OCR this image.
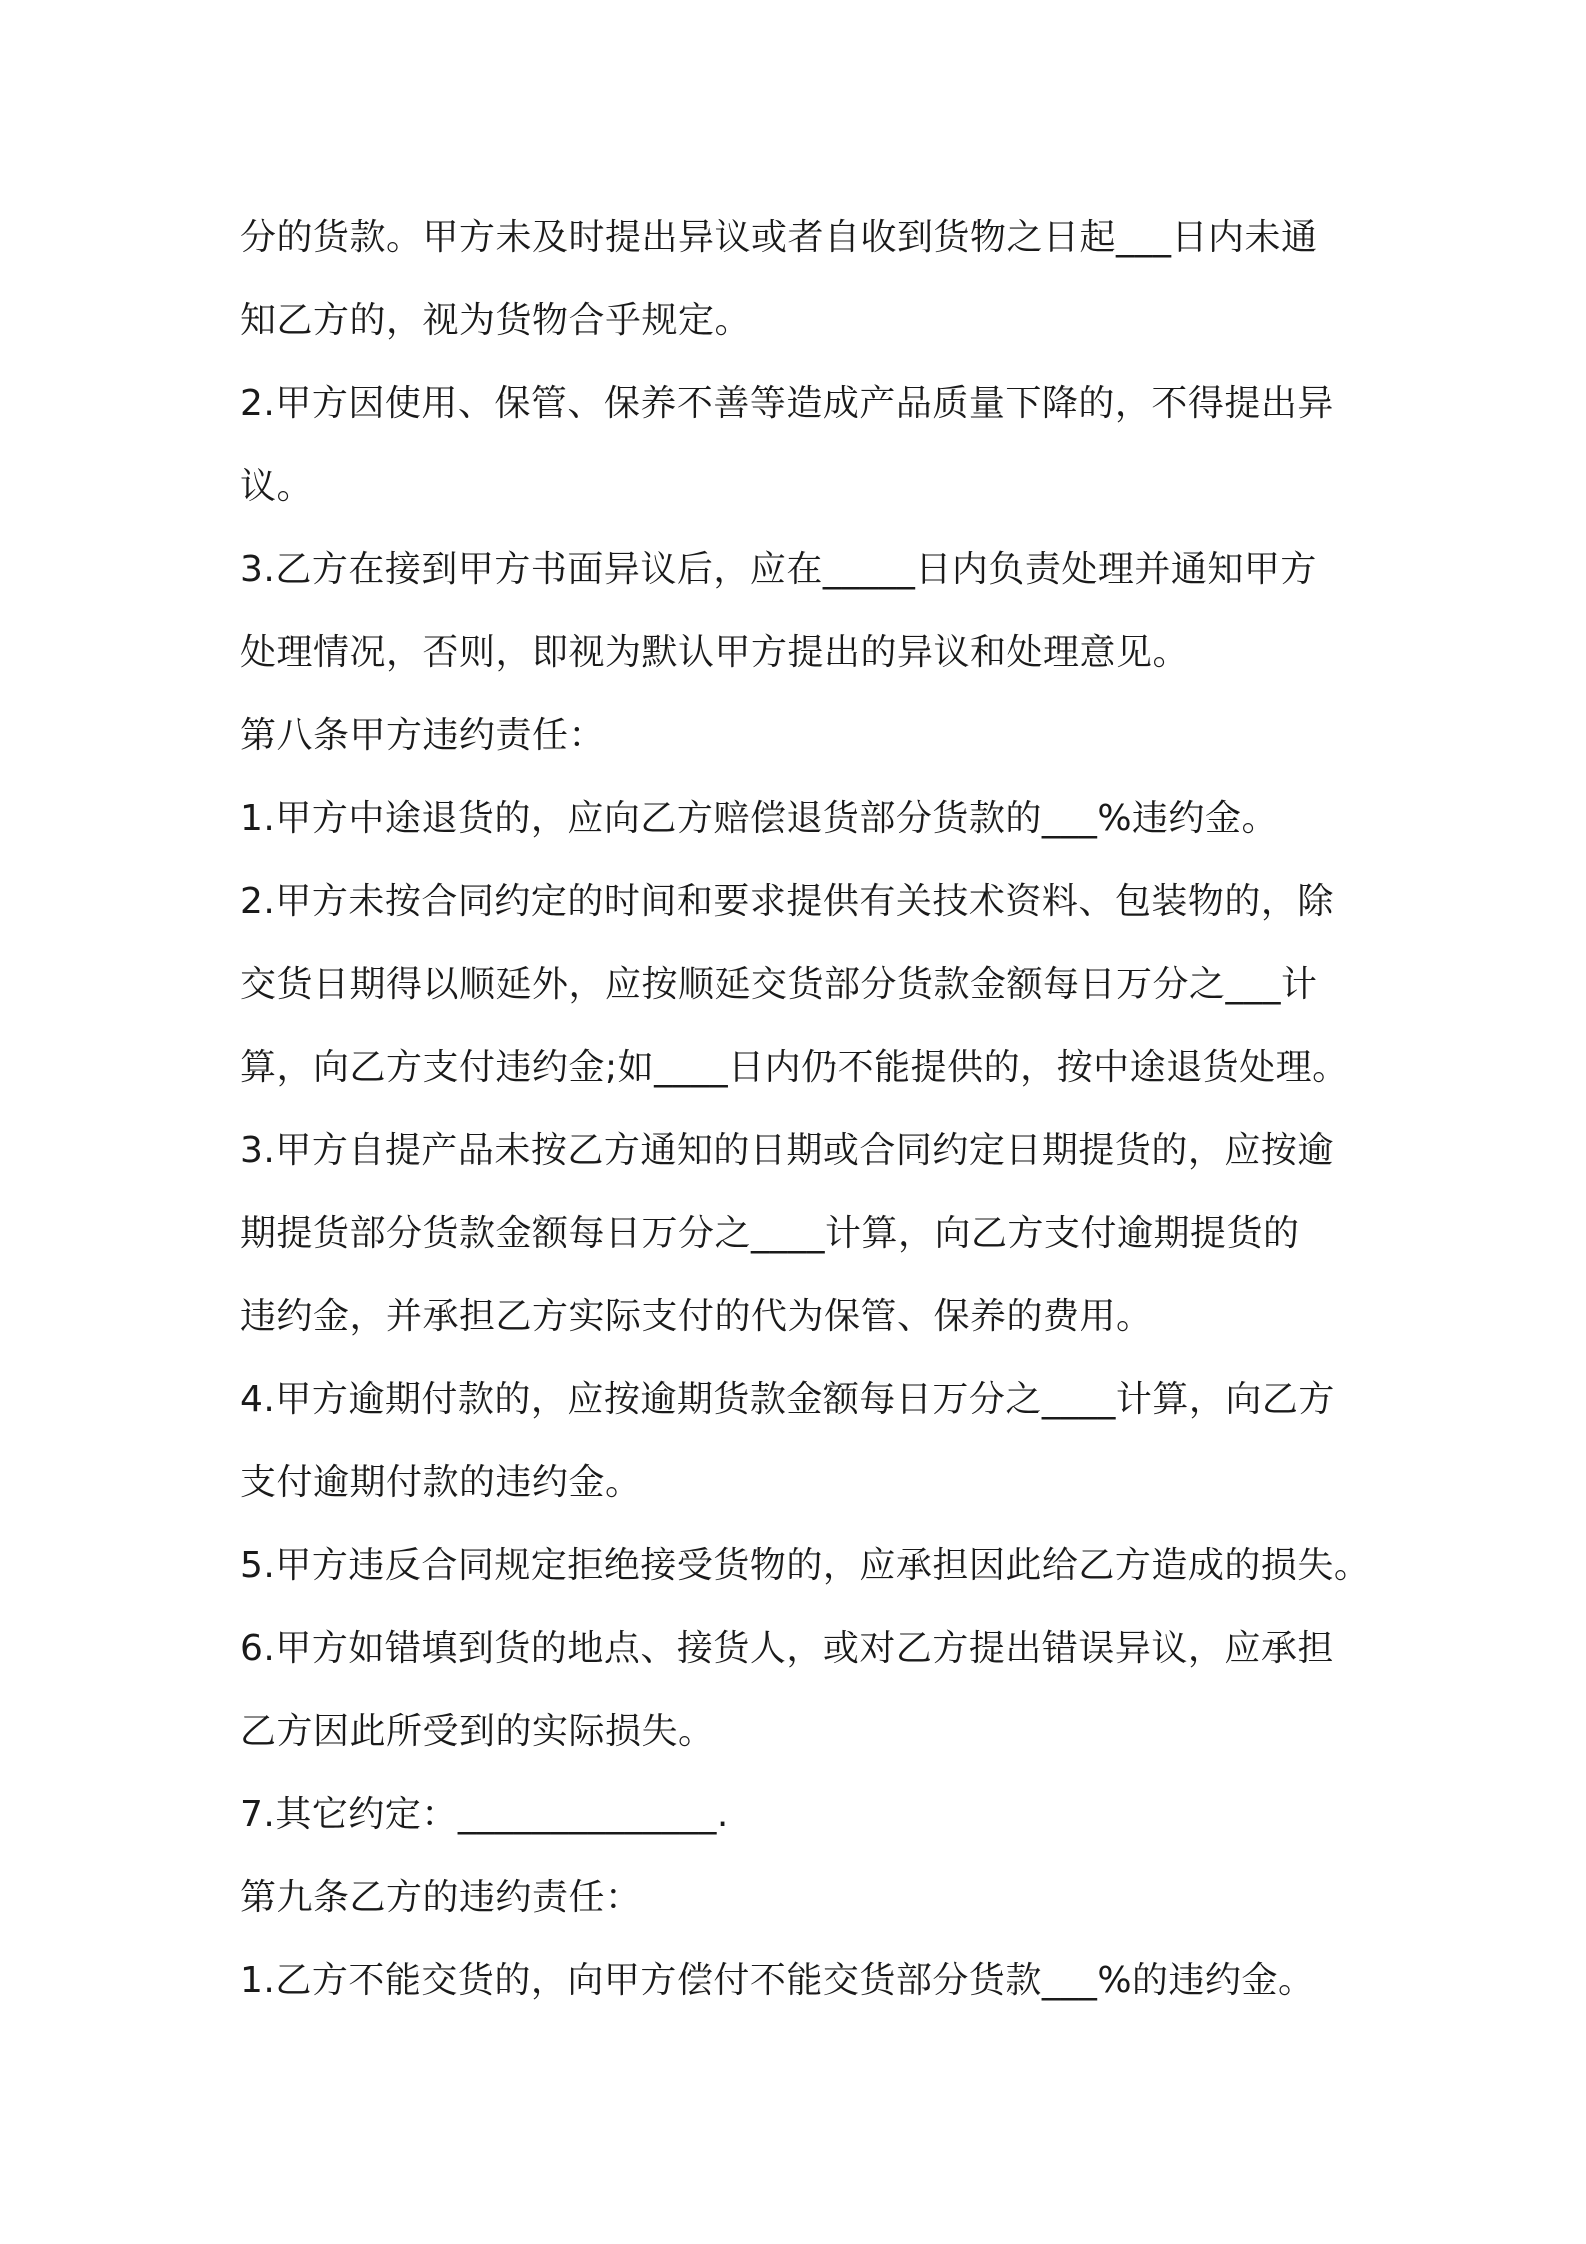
分的货款。甲方未及时提出异议或者自收到货物之日起___日内未通
知乙方的，视为货物合乎规定。
2.甲方因使用、保管、保养不善等造成产品质量下降的，不得提出异
议。
3.乙方在接到甲方书面异议后，应在_____日内负责处理并通知甲方
处理情况，否则，即视为默认甲方提出的异议和处理意见。
第八条甲方违约责任：
1.甲方中途退货的，应向乙方赔偿退货部分货款的___%违约金。
2.甲方未按合同约定的时间和要求提供有关技术资料、包装物的，除
交货日期得以顺延外，应按顺延交货部分货款金额每日万分之___计
算，向乙方支付违约金;如____日内仍不能提供的，按中途退货处理。
3.甲方自提产品未按乙方通知的日期或合同约定日期提货的，应按逾
期提货部分货款金额每日万分之____计算，向乙方支付逾期提货的
违约金，并承担乙方实际支付的代为保管、保养的费用。
4.甲方逾期付款的，应按逾期货款金额每日万分之____计算，向乙方
支付逾期付款的违约金。
5.甲方违反合同规定拒绝接受货物的，应承担因此给乙方造成的损失。
6.甲方如错填到货的地点、接货人，或对乙方提出错误异议，应承担
乙方因此所受到的实际损失。
7.其它约定：______________.
第九条乙方的违约责任：
1.乙方不能交货的，向甲方偿付不能交货部分货款___%的违约金。
